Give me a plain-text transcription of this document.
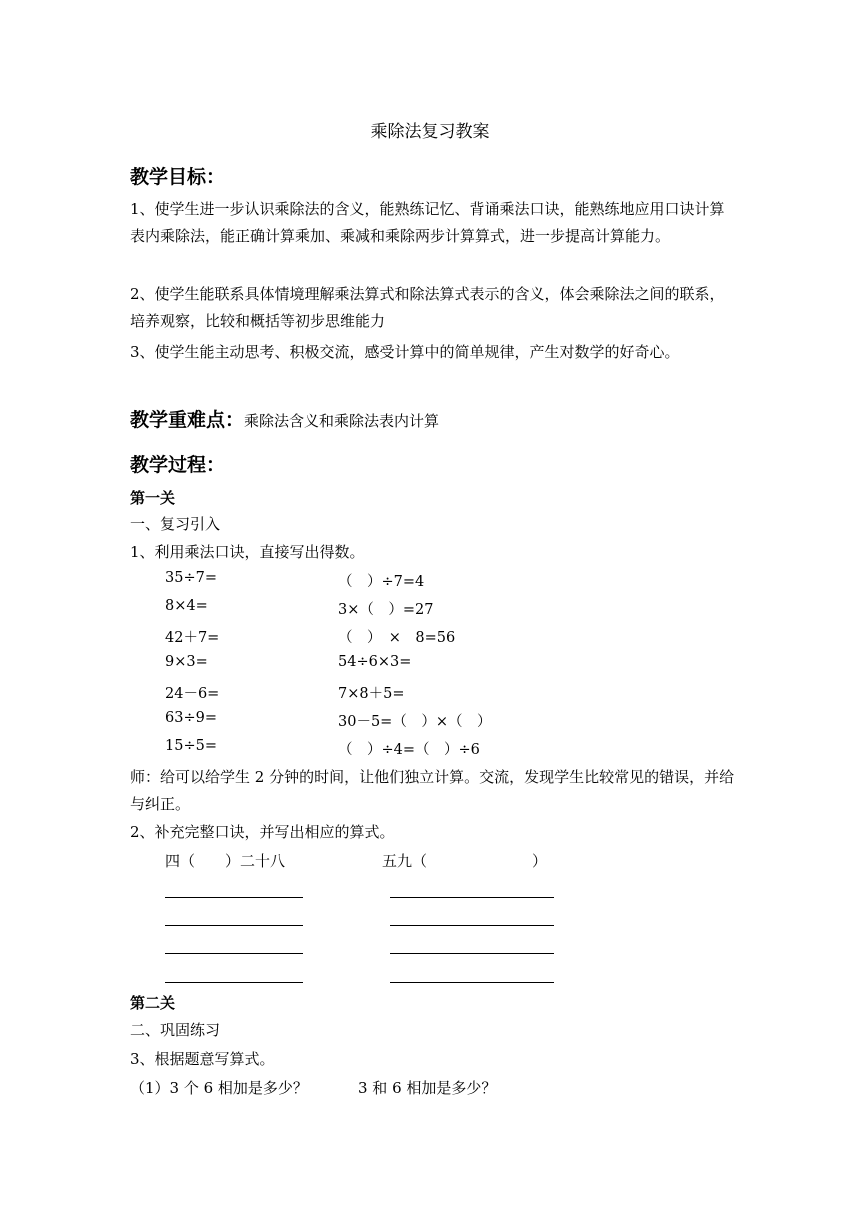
乘除法复习教案
教学目标：
1、使学生进一步认识乘除法的含义，能熟练记忆、背诵乘法口诀，能熟练地应用口诀计算表内乘除法，能正确计算乘加、乘减和乘除两步计算算式，进一步提高计算能力。
2、使学生能联系具体情境理解乘法算式和除法算式表示的含义，体会乘除法之间的联系，培养观察，比较和概括等初步思维能力
3、使学生能主动思考、积极交流，感受计算中的简单规律，产生对数学的好奇心。
教学重难点：乘除法含义和乘除法表内计算
教学过程：
第一关
一、复习引入
1、利用乘法口诀，直接写出得数。
35÷7=
8×4=
42＋7=
9×3=
24－6=
63÷9=
15÷5=
（　）÷7=4
3×（　）=27
（　）　×　8=56
54÷6×3=
7×8＋5=
30－5=（　）×（　）
（　）÷4=（　）÷6
师：给可以给学生 2 分钟的时间，让他们独立计算。交流，发现学生比较常见的错误，并给与纠正。
2、补充完整口诀，并写出相应的算式。
四（　　）二十八	五九（　　　　　　　）
第二关
二、巩固练习
3、根据题意写算式。
（1）3 个 6 相加是多少？	3 和 6 相加是多少？
